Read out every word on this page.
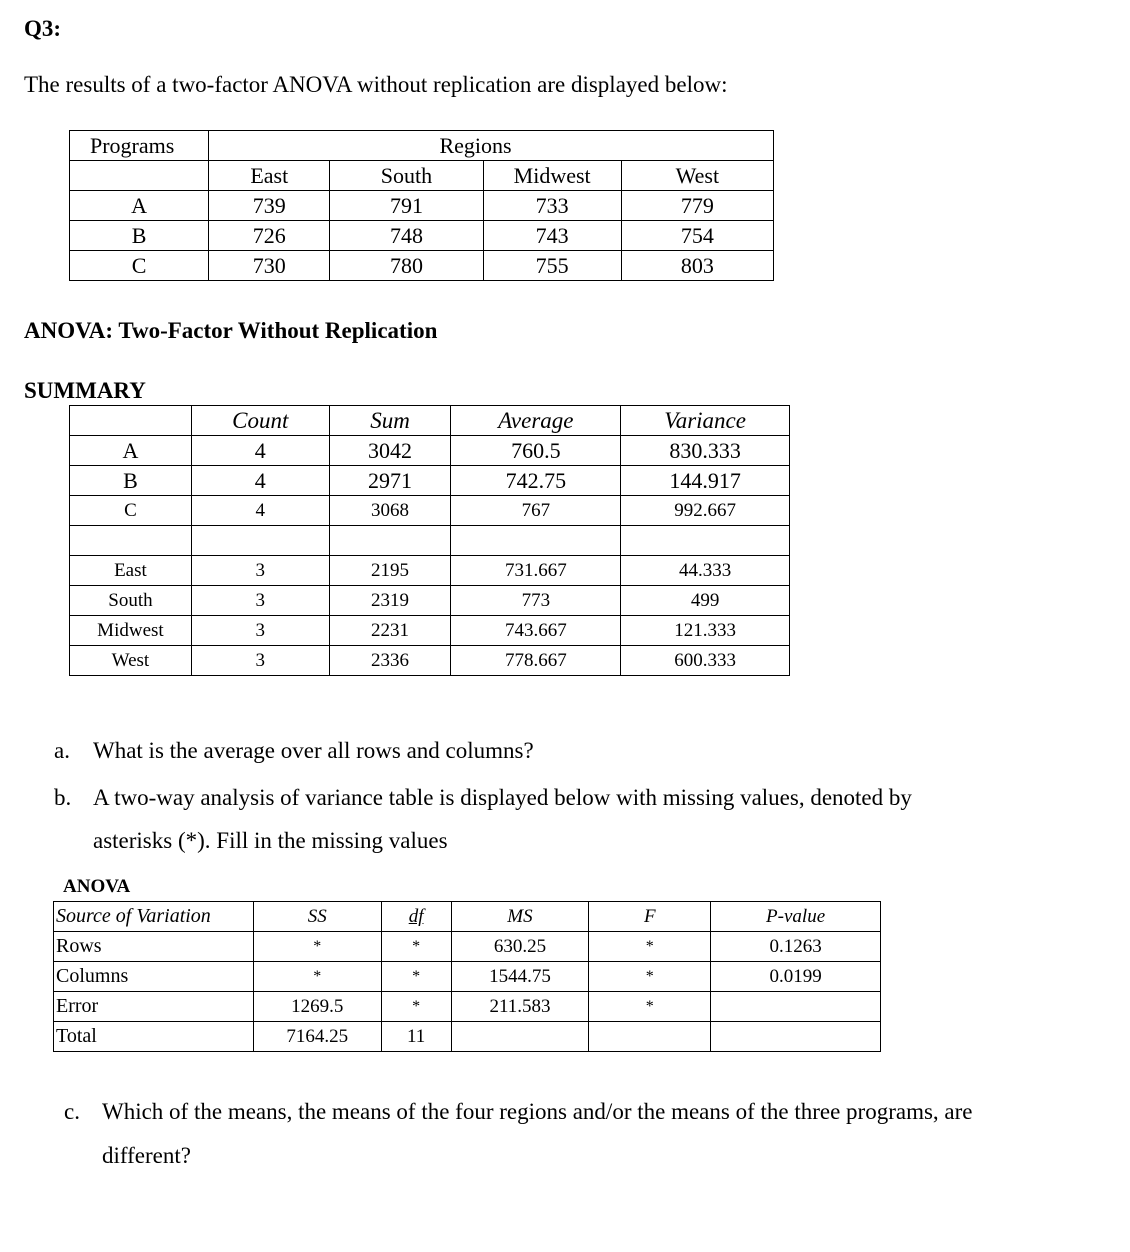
Q3:
The results of a two-factor ANOVA without replication are displayed below:
Programs		Regions		
	East	South	Midwest	West
A	739	791	733	779
B	726	748	743	754
C	730	780	755	803
ANOVA: Two-Factor Without Replication
SUMMARY
	Count	Sum	Average	Variance
A	4	3042	760.5	830.333
B	4	2971	742.75	144.917
C	4	3068	767	992.667

East	3	2195	731.667	44.333
South	3	2319	773	499
Midwest	3	2231	743.667	121.333
West	3	2336	778.667	600.333
a. What is the average over all rows and columns?
b. A two-way analysis of variance table is displayed below with missing values, denoted by
asterisks (*). Fill in the missing values
ANOVA
Source of Variation	SS	df	MS	F	P-value
Rows	*	*	630.25	*	0.1263
Columns	*	*	1544.75	*	0.0199
Error	1269.5	*	211.583	*	
Total	7164.25	11			
c. Which of the means, the means of the four regions and/or the means of the three programs, are
different?
